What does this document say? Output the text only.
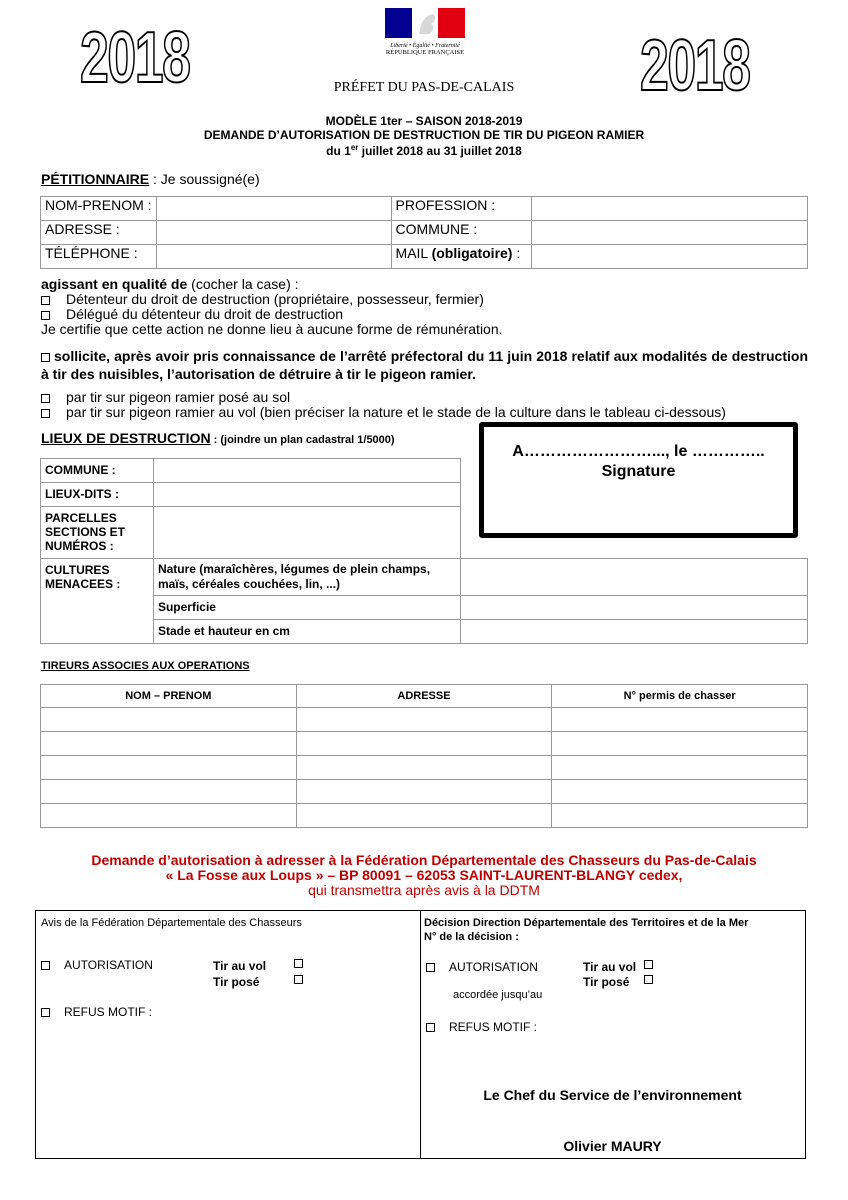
2018	2018
Liberté • Égalité • Fraternité
RÉPUBLIQUE FRANÇAISE
PRÉFET DU PAS-DE-CALAIS
MODÈLE 1ter – SAISON 2018-2019
DEMANDE D’AUTORISATION DE DESTRUCTION DE TIR DU PIGEON RAMIER
du 1er juillet 2018 au 31 juillet 2018
PÉTITIONNAIRE : Je soussigné(e)
NOM-PRENOM :		PROFESSION :	
ADRESSE :		COMMUNE :	
TÉLÉPHONE :		MAIL (obligatoire) :	
agissant en qualité de (cocher la case) :
Détenteur du droit de destruction (propriétaire, possesseur, fermier)
Délégué du détenteur du droit de destruction
Je certifie que cette action ne donne lieu à aucune forme de rémunération.
sollicite, après avoir pris connaissance de l’arrêté préfectoral du 11 juin 2018 relatif aux modalités de destruction à tir des nuisibles, l’autorisation de détruire à tir le pigeon ramier.
par tir sur pigeon ramier posé au sol
par tir sur pigeon ramier au vol (bien préciser la nature et le stade de la culture dans le tableau ci-dessous)
LIEUX DE DESTRUCTION : (joindre un plan cadastral 1/5000)
COMMUNE :	
LIEUX-DITS :	

PARCELLES
SECTIONS ET
NUMÉROS :	

CULTURES
MENACEES :	Nature (maraîchères, légumes de plein champs, maïs, céréales couchées, lin, ...)	
	Superficie	
	Stade et hauteur en cm	
A……………………..., le …………..
Signature
TIREURS ASSOCIES AUX OPERATIONS
NOM – PRENOM	ADRESSE	N° permis de chasser

Demande d’autorisation à adresser à la Fédération Départementale des Chasseurs du Pas-de-Calais
« La Fosse aux Loups » – BP 80091 – 62053 SAINT-LAURENT-BLANGY cedex,
qui transmettra après avis à la DDTM
Avis de la Fédération Départementale des Chasseurs
AUTORISATION	Tir au vol
Tir posé
REFUS MOTIF :
Décision Direction Départementale des Territoires et de la Mer
N° de la décision :
AUTORISATION	Tir au vol
Tir posé
accordée jusqu’au
REFUS MOTIF :
Le Chef du Service de l’environnement
Olivier MAURY
